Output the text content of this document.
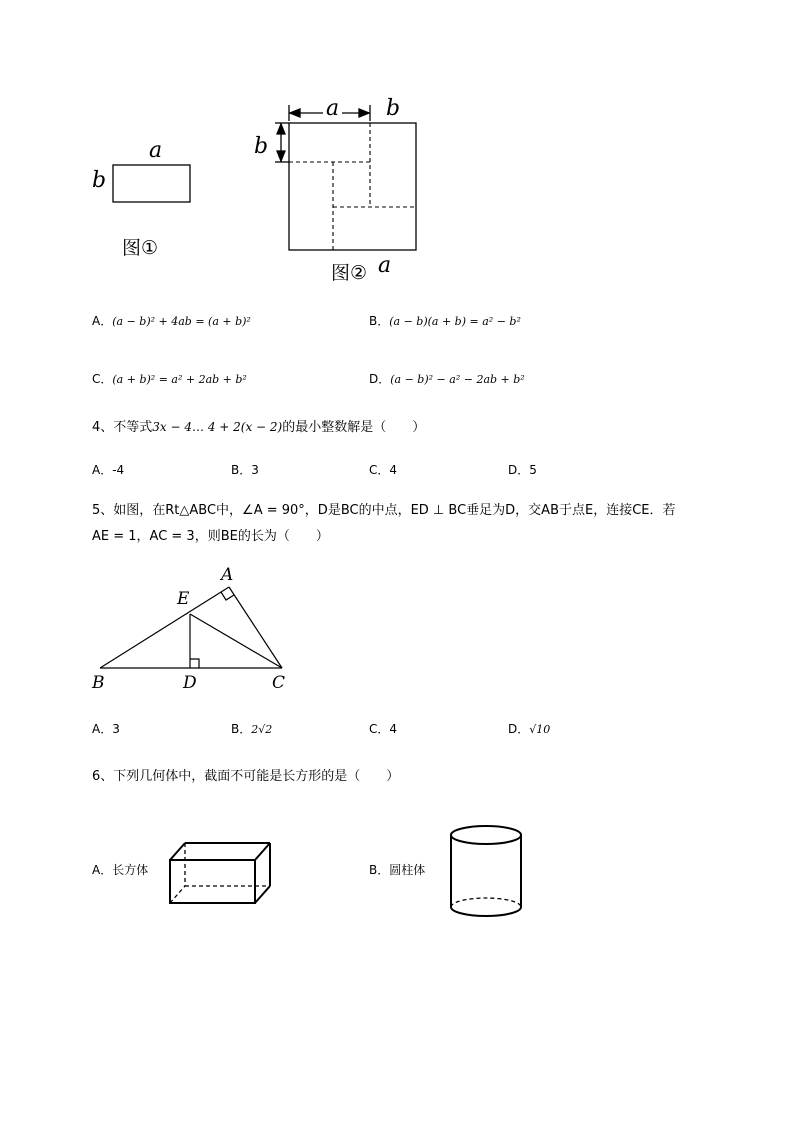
a
b
图①
a b
b
图② a
A．(a − b)² + 4ab = (a + b)²	B．(a − b)(a + b) = a² − b²
C．(a + b)² = a² + 2ab + b²	D．(a − b)² − a² − 2ab + b²
4、不等式3x − 4… 4 + 2(x − 2)的最小整数解是（　　）
A．-4	B．3	C．4	D．5
5、如图，在Rt△ABC中，∠A = 90°，D是BC的中点，ED ⊥ BC垂足为D，交AB于点E，连接CE．若
AE = 1，AC = 3，则BE的长为（　　）
A
E
B	D	C
A．3	B．2√2	C．4	D．√10
6、下列几何体中，截面不可能是长方形的是（　　）
A．长方体	B．圆柱体
